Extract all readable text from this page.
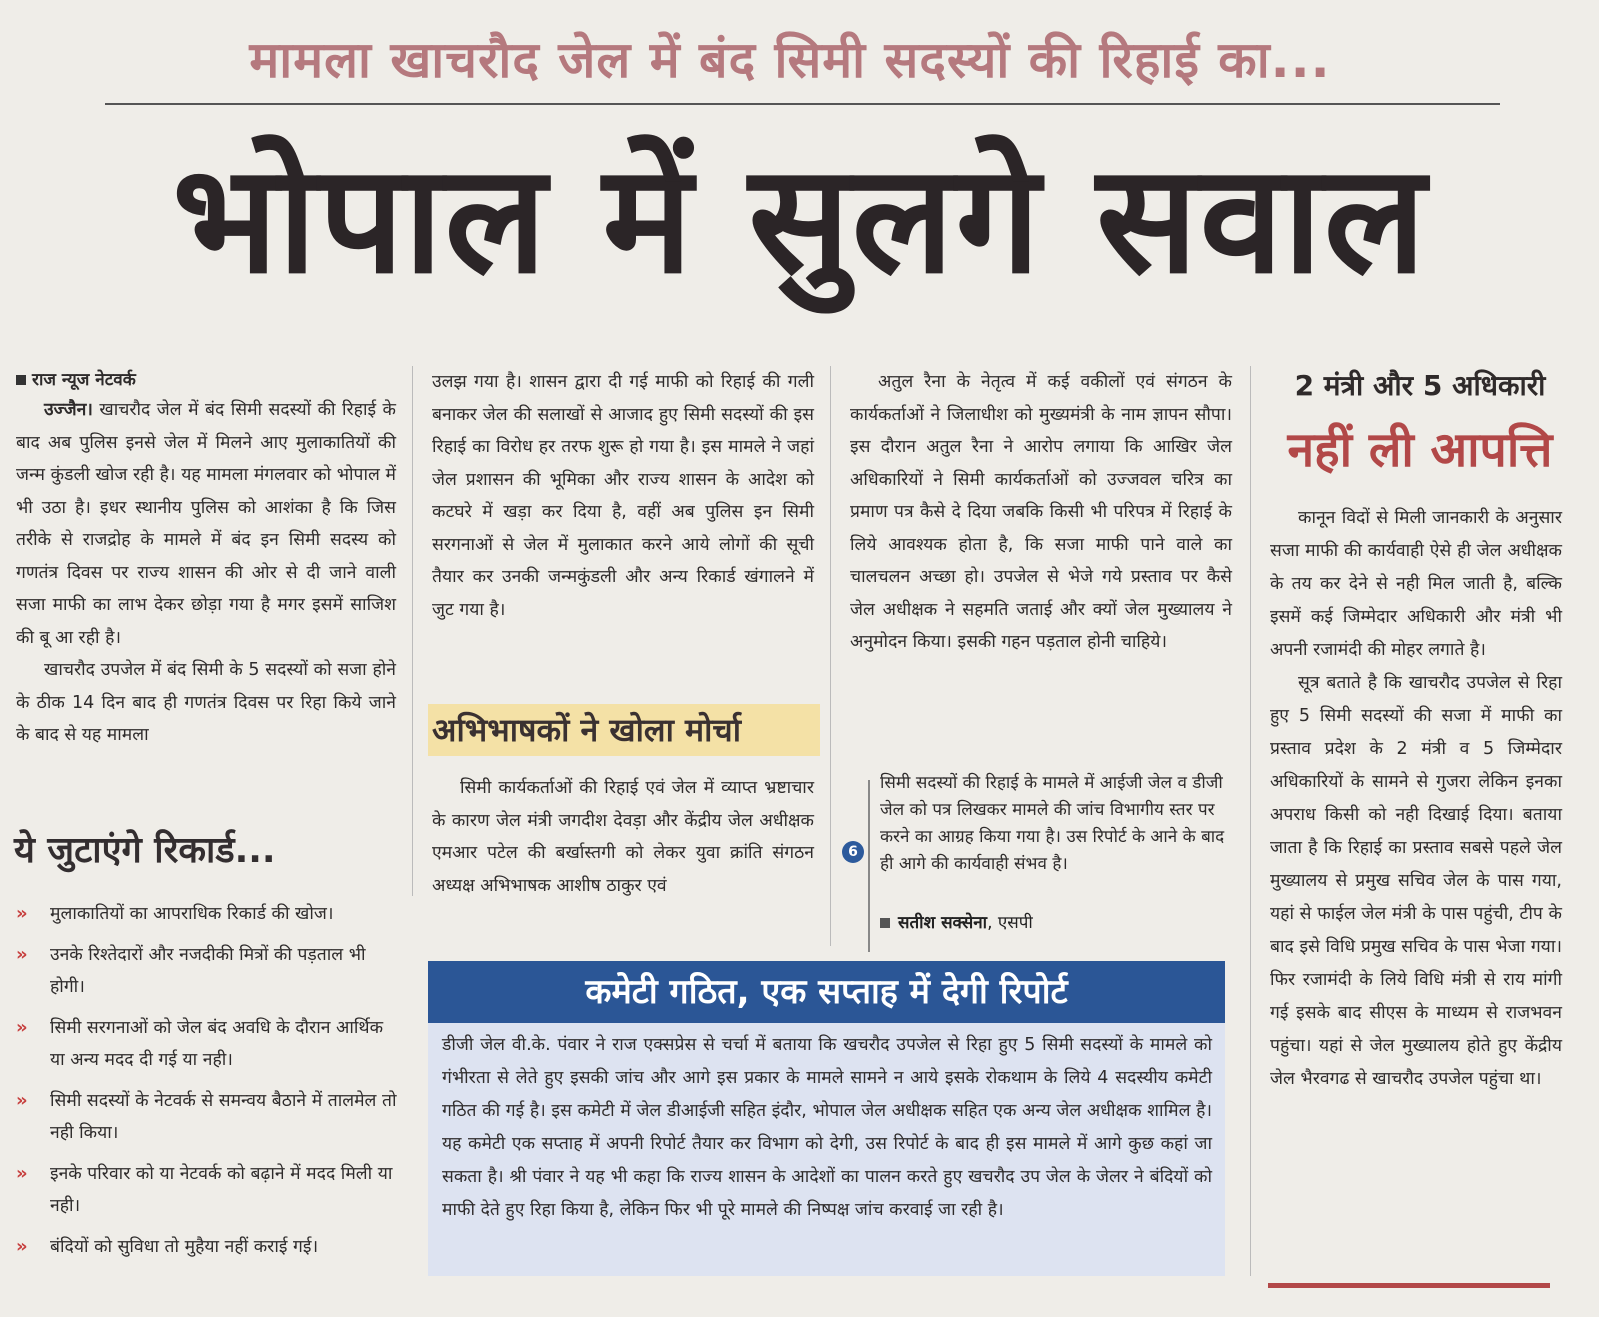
मामला खाचरौद जेल में बंद सिमी सदस्यों की रिहाई का...
भोपाल में सुलगे सवाल
राज न्यूज नेटवर्क

उज्जैन। खाचरौद जेल में बंद सिमी सदस्यों की रिहाई के बाद अब पुलिस इनसे जेल में मिलने आए मुलाकातियों की जन्म कुंडली खोज रही है। यह मामला मंगलवार को भोपाल में भी उठा है। इधर स्थानीय पुलिस को आशंका है कि जिस तरीके से राजद्रोह के मामले में बंद इन सिमी सदस्य को गणतंत्र दिवस पर राज्य शासन की ओर से दी जाने वाली सजा माफी का लाभ देकर छोड़ा गया है मगर इसमें साजिश की बू आ रही है।

खाचरौद उपजेल में बंद सिमी के 5 सदस्यों को सजा होने के ठीक 14 दिन बाद ही गणतंत्र दिवस पर रिहा किये जाने के बाद से यह मामला

ये जुटाएंगे रिकार्ड...
» मुलाकातियों का आपराधिक रिकार्ड की खोज।
» उनके रिश्तेदारों और नजदीकी मित्रों की पड़ताल भी होगी।
» सिमी सरगनाओं को जेल बंद अवधि के दौरान आर्थिक या अन्य मदद दी गई या नही।
» सिमी सदस्यों के नेटवर्क से समन्वय बैठाने में तालमेल तो नही किया।
» इनके परिवार को या नेटवर्क को बढ़ाने में मदद मिली या नही।
» बंदियों को सुविधा तो मुहैया नहीं कराई गई।

उलझ गया है। शासन द्वारा दी गई माफी को रिहाई की गली बनाकर जेल की सलाखों से आजाद हुए सिमी सदस्यों की इस रिहाई का विरोध हर तरफ शुरू हो गया है। इस मामले ने जहां जेल प्रशासन की भूमिका और राज्य शासन के आदेश को कटघरे में खड़ा कर दिया है, वहीं अब पुलिस इन सिमी सरगनाओं से जेल में मुलाकात करने आये लोगों की सूची तैयार कर उनकी जन्मकुंडली और अन्य रिकार्ड खंगालने में जुट गया है।

अभिभाषकों ने खोला मोर्चा

सिमी कार्यकर्ताओं की रिहाई एवं जेल में व्याप्त भ्रष्टाचार के कारण जेल मंत्री जगदीश देवड़ा और केंद्रीय जेल अधीक्षक एमआर पटेल की बर्खास्तगी को लेकर युवा क्रांति संगठन अध्यक्ष अभिभाषक आशीष ठाकुर एवं

अतुल रैना के नेतृत्व में कई वकीलों एवं संगठन के कार्यकर्ताओं ने जिलाधीश को मुख्यमंत्री के नाम ज्ञापन सौपा। इस दौरान अतुल रैना ने आरोप लगाया कि आखिर जेल अधिकारियों ने सिमी कार्यकर्ताओं को उज्जवल चरित्र का प्रमाण पत्र कैसे दे दिया जबकि किसी भी परिपत्र में रिहाई के लिये आवश्यक होता है, कि सजा माफी पाने वाले का चालचलन अच्छा हो। उपजेल से भेजे गये प्रस्ताव पर कैसे जेल अधीक्षक ने सहमति जताई और क्यों जेल मुख्यालय ने अनुमोदन किया। इसकी गहन पड़ताल होनी चाहिये।

6
सिमी सदस्यों की रिहाई के मामले में आईजी जेल व डीजी जेल को पत्र लिखकर मामले की जांच विभागीय स्तर पर करने का आग्रह किया गया है। उस रिपोर्ट के आने के बाद ही आगे की कार्यवाही संभव है।
सतीश सक्सेना, एसपी
कमेटी गठित, एक सप्ताह में देगी रिपोर्ट
डीजी जेल वी.के. पंवार ने राज एक्सप्रेस से चर्चा में बताया कि खचरौद उपजेल से रिहा हुए 5 सिमी सदस्यों के मामले को गंभीरता से लेते हुए इसकी जांच और आगे इस प्रकार के मामले सामने न आये इसके रोकथाम के लिये 4 सदस्यीय कमेटी गठित की गई है। इस कमेटी में जेल डीआईजी सहित इंदौर, भोपाल जेल अधीक्षक सहित एक अन्य जेल अधीक्षक शामिल है। यह कमेटी एक सप्ताह में अपनी रिपोर्ट तैयार कर विभाग को देगी, उस रिपोर्ट के बाद ही इस मामले में आगे कुछ कहां जा सकता है। श्री पंवार ने यह भी कहा कि राज्य शासन के आदेशों का पालन करते हुए खचरौद उप जेल के जेलर ने बंदियों को माफी देते हुए रिहा किया है, लेकिन फिर भी पूरे मामले की निष्पक्ष जांच करवाई जा रही है।
2 मंत्री और 5 अधिकारी
नहीं ली आपत्ति

कानून विदों से मिली जानकारी के अनुसार सजा माफी की कार्यवाही ऐसे ही जेल अधीक्षक के तय कर देने से नही मिल जाती है, बल्कि इसमें कई जिम्मेदार अधिकारी और मंत्री भी अपनी रजामंदी की मोहर लगाते है।

सूत्र बताते है कि खाचरौद उपजेल से रिहा हुए 5 सिमी सदस्यों की सजा में माफी का प्रस्ताव प्रदेश के 2 मंत्री व 5 जिम्मेदार अधिकारियों के सामने से गुजरा लेकिन इनका अपराध किसी को नही दिखाई दिया। बताया जाता है कि रिहाई का प्रस्ताव सबसे पहले जेल मुख्यालय से प्रमुख सचिव जेल के पास गया, यहां से फाईल जेल मंत्री के पास पहुंची, टीप के बाद इसे विधि प्रमुख सचिव के पास भेजा गया। फिर रजामंदी के लिये विधि मंत्री से राय मांगी गई इसके बाद सीएस के माध्यम से राजभवन पहुंचा। यहां से जेल मुख्यालय होते हुए केंद्रीय जेल भैरवगढ से खाचरौद उपजेल पहुंचा था।
